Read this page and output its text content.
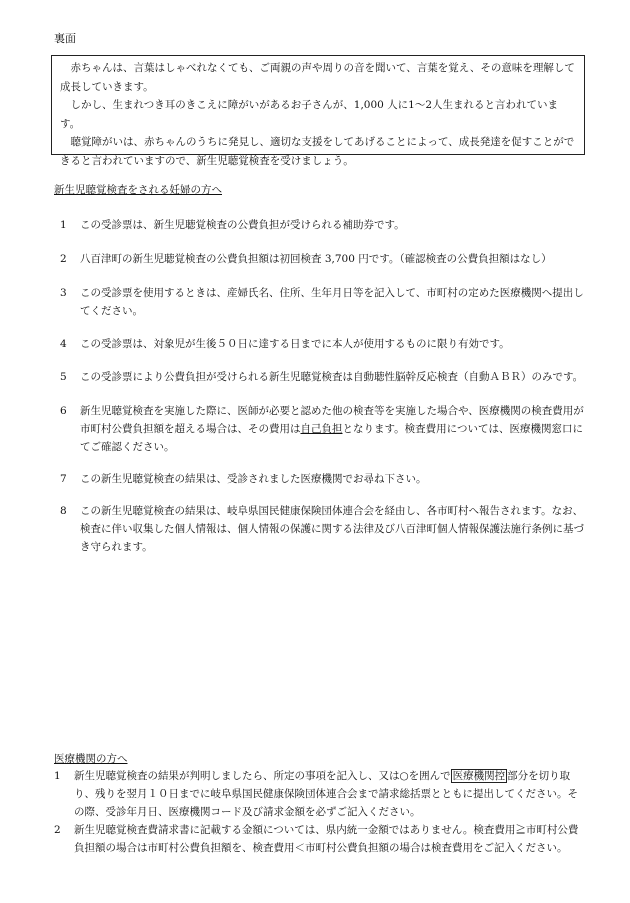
裏面

赤ちゃんは、言葉はしゃべれなくても、ご両親の声や周りの音を聞いて、言葉を覚え、その意味を理解して成長していきます。

しかし、生まれつき耳のきこえに障がいがあるお子さんが、1,000 人に1〜2人生まれると言われています。

聴覚障がいは、赤ちゃんのうちに発見し、適切な支援をしてあげることによって、成長発達を促すことができると言われていますので、新生児聴覚検査を受けましょう。

新生児聴覚検査をされる妊婦の方へ
1	この受診票は、新生児聴覚検査の公費負担が受けられる補助券です。
2	八百津町の新生児聴覚検査の公費負担額は初回検査 3,700 円です。（確認検査の公費負担額はなし）
3	この受診票を使用するときは、産婦氏名、住所、生年月日等を記入して、市町村の定めた医療機関へ提出してください。
4	この受診票は、対象児が生後５０日に達する日までに本人が使用するものに限り有効です。
5	この受診票により公費負担が受けられる新生児聴覚検査は自動聴性脳幹反応検査（自動ＡＢＲ）のみです。
6	新生児聴覚検査を実施した際に、医師が必要と認めた他の検査等を実施した場合や、医療機関の検査費用が市町村公費負担額を超える場合は、その費用は自己負担となります。検査費用については、医療機関窓口にてご確認ください。
7	この新生児聴覚検査の結果は、受診されました医療機関でお尋ね下さい。
8	この新生児聴覚検査の結果は、岐阜県国民健康保険団体連合会を経由し、各市町村へ報告されます。なお、検査に伴い収集した個人情報は、個人情報の保護に関する法律及び八百津町個人情報保護法施行条例に基づき守られます。
医療機関の方へ
1	新生児聴覚検査の結果が判明しましたら、所定の事項を記入し、又は○を囲んで 医療機関控 部分を切り取り、残りを翌月１０日までに岐阜県国民健康保険団体連合会まで請求総括票とともに提出してください。その際、受診年月日、医療機関コード及び請求金額を必ずご記入ください。
2	新生児聴覚検査費請求書に記載する金額については、県内統一金額ではありません。検査費用≧市町村公費負担額の場合は市町村公費負担額を、検査費用＜市町村公費負担額の場合は検査費用をご記入ください。
